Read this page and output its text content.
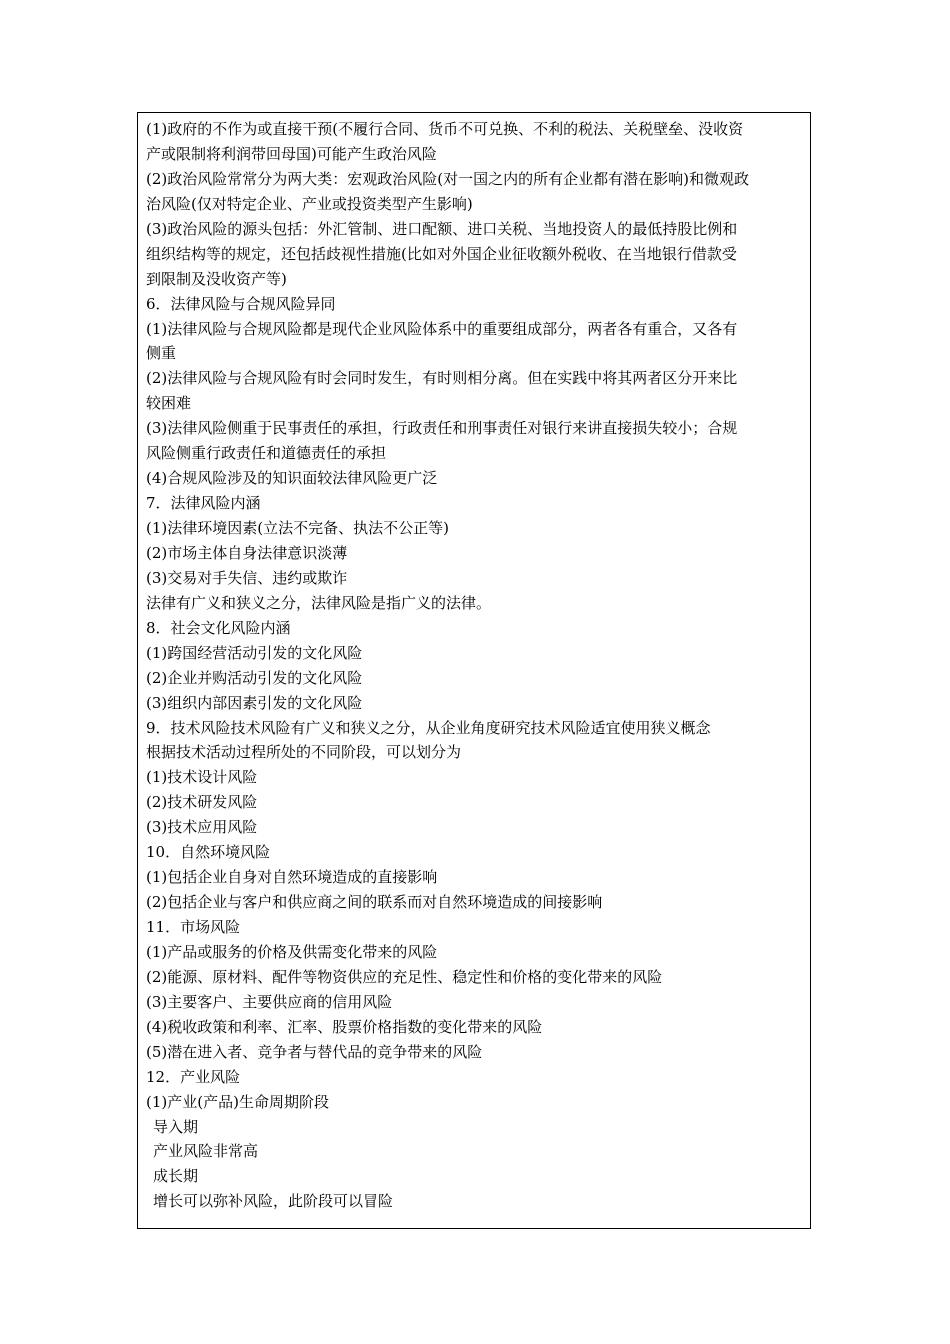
(1)政府的不作为或直接干预(不履行合同、货币不可兑换、不利的税法、关税壁垒、没收资
产或限制将利润带回母国)可能产生政治风险
(2)政治风险常常分为两大类：宏观政治风险(对一国之内的所有企业都有潜在影响)和微观政
治风险(仅对特定企业、产业或投资类型产生影响)
(3)政治风险的源头包括：外汇管制、进口配额、进口关税、当地投资人的最低持股比例和
组织结构等的规定，还包括歧视性措施(比如对外国企业征收额外税收、在当地银行借款受
到限制及没收资产等)
6．法律风险与合规风险异同
(1)法律风险与合规风险都是现代企业风险体系中的重要组成部分，两者各有重合，又各有
侧重
(2)法律风险与合规风险有时会同时发生，有时则相分离。但在实践中将其两者区分开来比
较困难
(3)法律风险侧重于民事责任的承担，行政责任和刑事责任对银行来讲直接损失较小；合规
风险侧重行政责任和道德责任的承担
(4)合规风险涉及的知识面较法律风险更广泛
7．法律风险内涵
(1)法律环境因素(立法不完备、执法不公正等)
(2)市场主体自身法律意识淡薄
(3)交易对手失信、违约或欺诈
法律有广义和狭义之分，法律风险是指广义的法律。
8．社会文化风险内涵
(1)跨国经营活动引发的文化风险
(2)企业并购活动引发的文化风险
(3)组织内部因素引发的文化风险
9．技术风险技术风险有广义和狭义之分，从企业角度研究技术风险适宜使用狭义概念
根据技术活动过程所处的不同阶段，可以划分为
(1)技术设计风险
(2)技术研发风险
(3)技术应用风险
10．自然环境风险
(1)包括企业自身对自然环境造成的直接影响
(2)包括企业与客户和供应商之间的联系而对自然环境造成的间接影响
11．市场风险
(1)产品或服务的价格及供需变化带来的风险
(2)能源、原材料、配件等物资供应的充足性、稳定性和价格的变化带来的风险
(3)主要客户、主要供应商的信用风险
(4)税收政策和利率、汇率、股票价格指数的变化带来的风险
(5)潜在进入者、竞争者与替代品的竞争带来的风险
12．产业风险
(1)产业(产品)生命周期阶段
导入期
产业风险非常高
成长期
增长可以弥补风险，此阶段可以冒险
